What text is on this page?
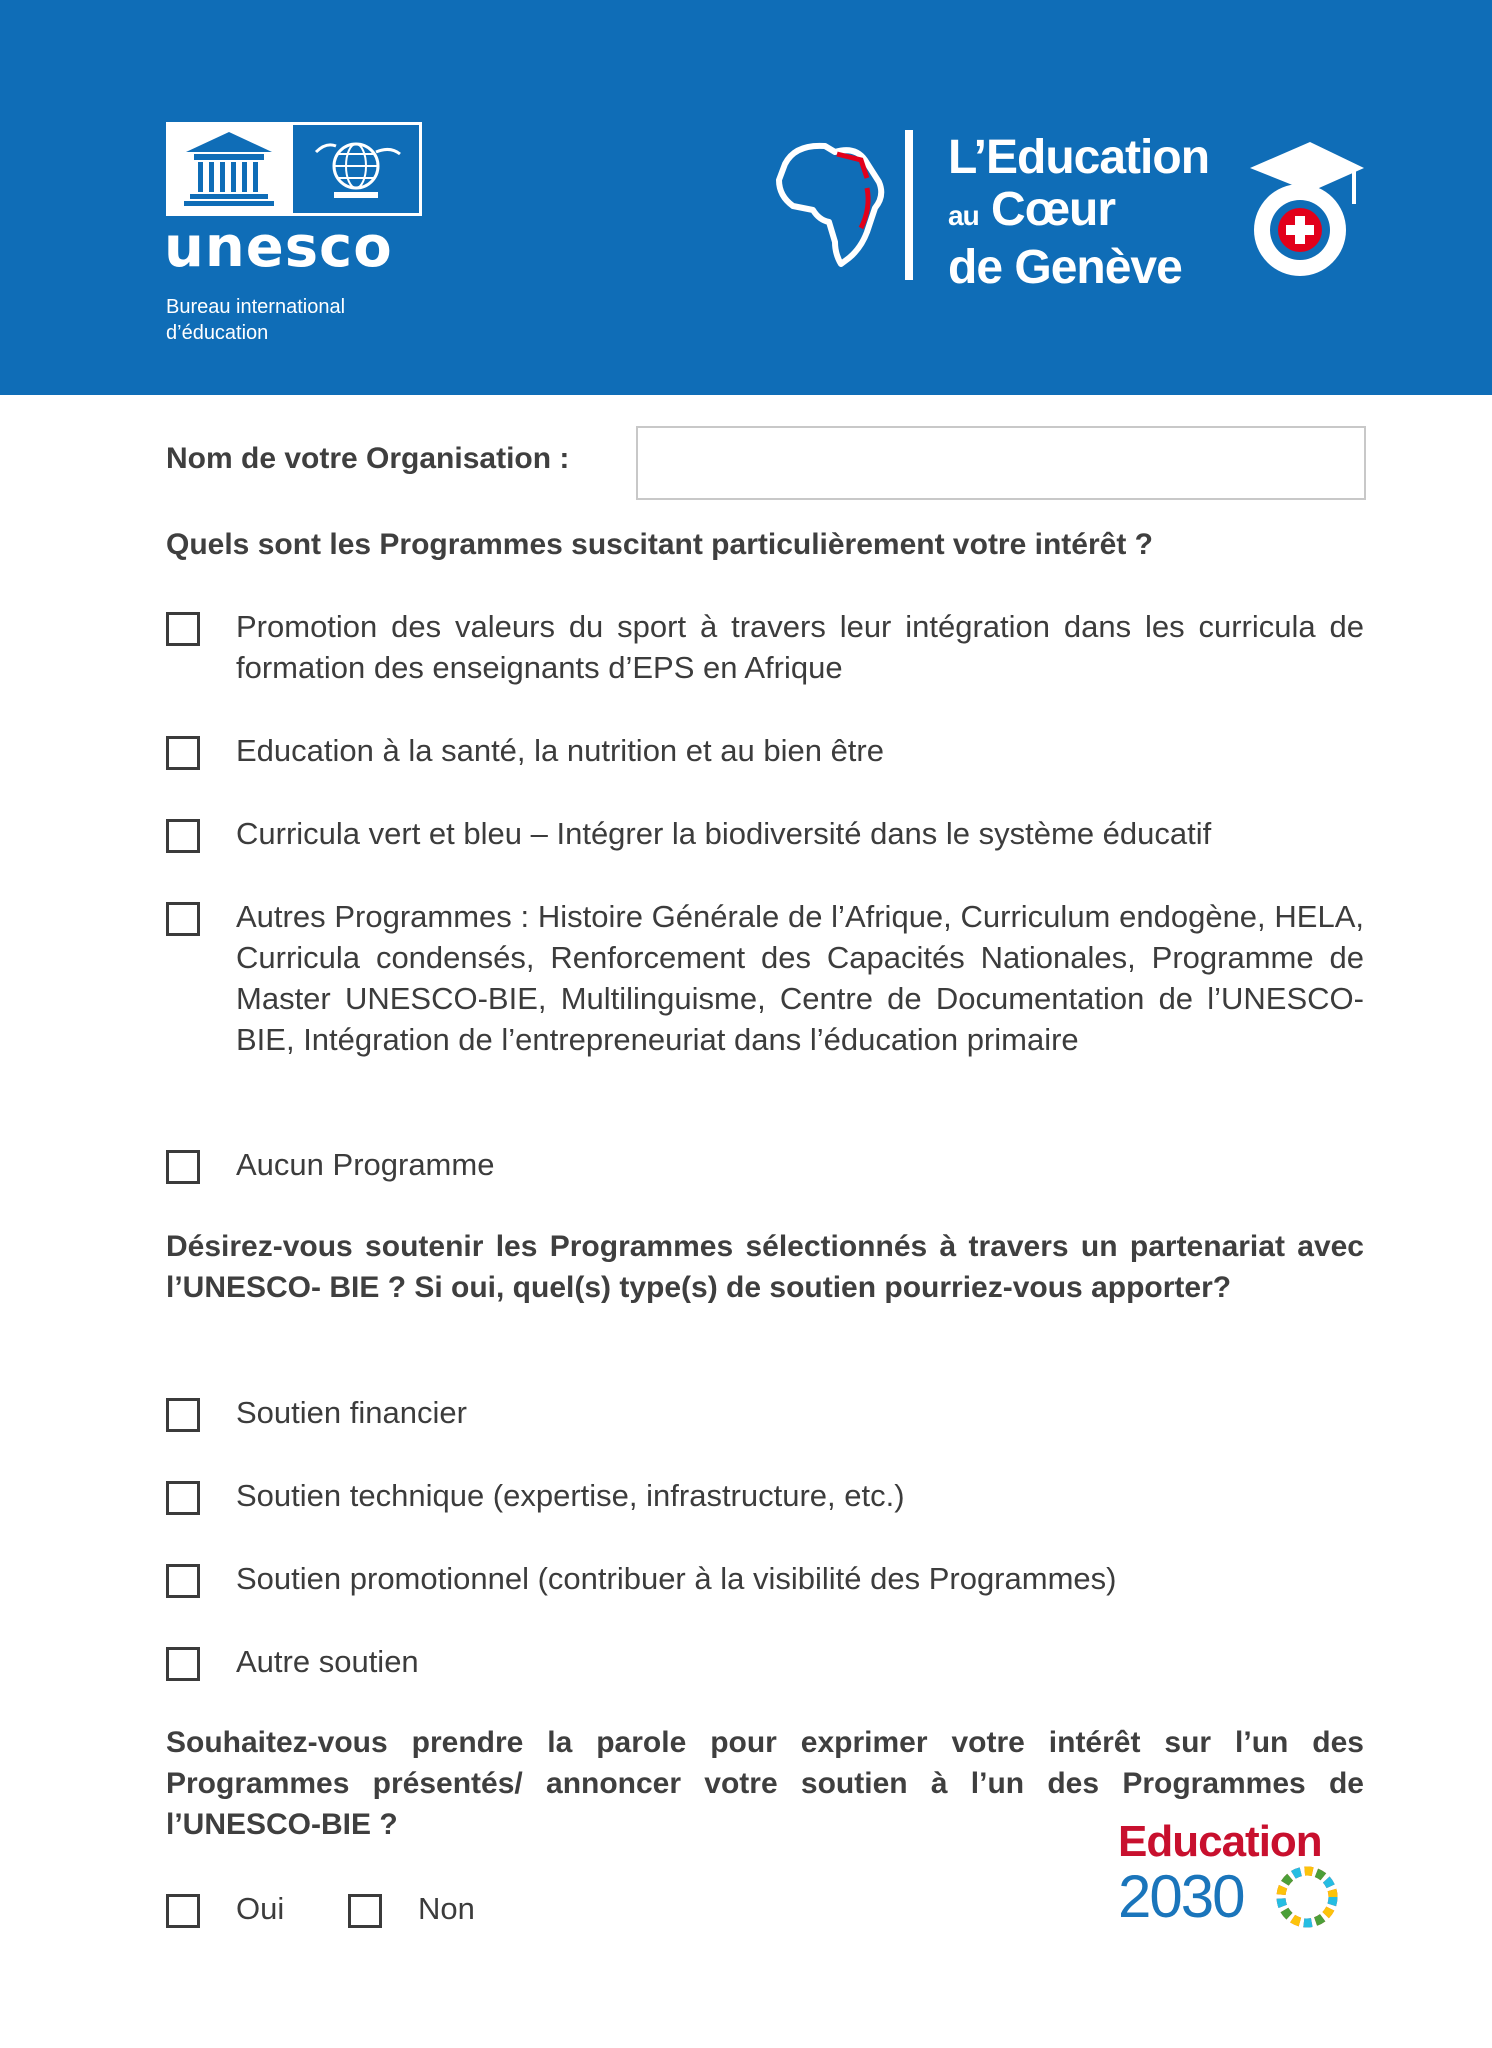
unesco
Bureau international
d’éducation
L’Education
au Cœur
de Genève
Nom de votre Organisation :
Quels sont les Programmes suscitant particulièrement votre intérêt ?
Promotion des valeurs du sport à travers leur intégration dans les curricula de formation des enseignants d’EPS en Afrique
Education à la santé, la nutrition et au bien être
Curricula vert et bleu – Intégrer la biodiversité dans le système éducatif
Autres Programmes : Histoire Générale de l’Afrique, Curriculum endogène, HELA, Curricula condensés, Renforcement des Capacités Nationales, Programme de Master UNESCO-BIE, Multilinguisme, Centre de Documentation de l’UNESCO-BIE, Intégration de l’entrepreneuriat dans l’éducation primaire
Aucun Programme
Désirez-vous soutenir les Programmes sélectionnés à travers un partenariat avec l’UNESCO- BIE ? Si oui, quel(s) type(s) de soutien pourriez-vous apporter?
Soutien financier
Soutien technique (expertise, infrastructure, etc.)
Soutien promotionnel (contribuer à la visibilité des Programmes)
Autre soutien
Souhaitez-vous prendre la parole pour exprimer votre intérêt sur l’un des Programmes présentés/ annoncer votre soutien à l’un des Programmes de l’UNESCO-BIE ?
Oui	Non
Education
2030
